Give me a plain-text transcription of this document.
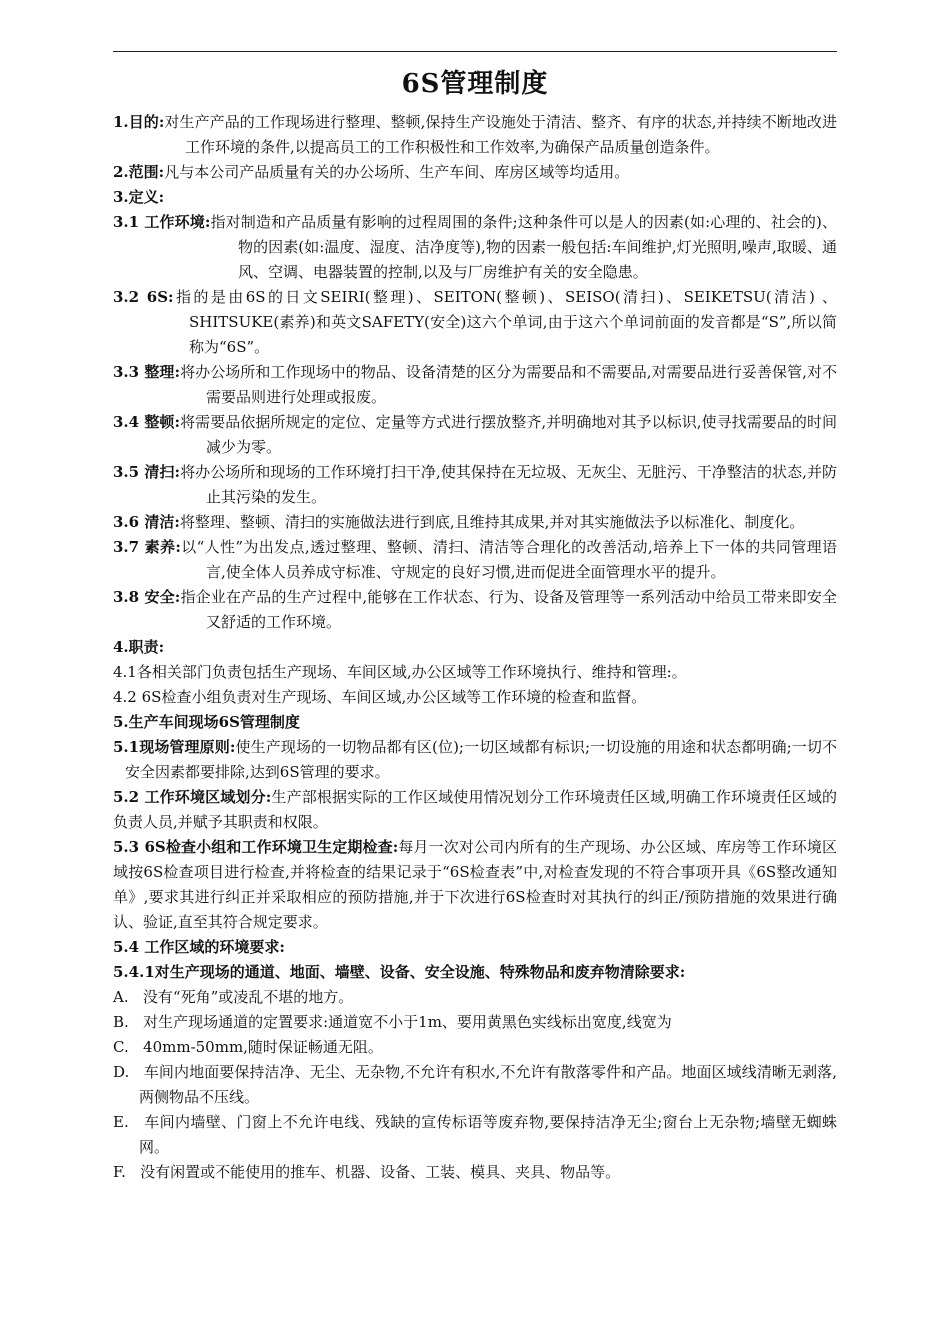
6S管理制度
1.目的:对生产产品的工作现场进行整理、整顿,保持生产设施处于清洁、整齐、有序的状态,并持续不断地改进工作环境的条件,以提高员工的工作积极性和工作效率,为确保产品质量创造条件。
2.范围:凡与本公司产品质量有关的办公场所、生产车间、库房区域等均适用。
3.定义:
3.1 工作环境:指对制造和产品质量有影响的过程周围的条件;这种条件可以是人的因素(如:心理的、社会的)、物的因素(如:温度、湿度、洁净度等),物的因素一般包括:车间维护,灯光照明,噪声,取暖、通风、空调、电器装置的控制,以及与厂房维护有关的安全隐患。
3.2 6S:指的是由6S的日文SEIRI(整理)、SEITON(整顿)、SEISO(清扫)、SEIKETSU(清洁) 、SHITSUKE(素养)和英文SAFETY(安全)这六个单词,由于这六个单词前面的发音都是“S”,所以简称为“6S”。
3.3 整理:将办公场所和工作现场中的物品、设备清楚的区分为需要品和不需要品,对需要品进行妥善保管,对不需要品则进行处理或报废。
3.4 整顿:将需要品依据所规定的定位、定量等方式进行摆放整齐,并明确地对其予以标识,使寻找需要品的时间减少为零。
3.5 清扫:将办公场所和现场的工作环境打扫干净,使其保持在无垃圾、无灰尘、无脏污、干净整洁的状态,并防止其污染的发生。
3.6 清洁:将整理、整顿、清扫的实施做法进行到底,且维持其成果,并对其实施做法予以标准化、制度化。
3.7 素养:以“人性”为出发点,透过整理、整顿、清扫、清洁等合理化的改善活动,培养上下一体的共同管理语言,使全体人员养成守标准、守规定的良好习惯,进而促进全面管理水平的提升。
3.8 安全:指企业在产品的生产过程中,能够在工作状态、行为、设备及管理等一系列活动中给员工带来即安全又舒适的工作环境。
4.职责:
4.1各相关部门负责包括生产现场、车间区域,办公区域等工作环境执行、维持和管理:。
4.2 6S检查小组负责对生产现场、车间区域,办公区域等工作环境的检查和监督。
5.生产车间现场6S管理制度
5.1现场管理原则:使生产现场的一切物品都有区(位);一切区域都有标识;一切设施的用途和状态都明确;一切不安全因素都要排除,达到6S管理的要求。
5.2 工作环境区域划分:生产部根据实际的工作区域使用情况划分工作环境责任区域,明确工作环境责任区域的负责人员,并赋予其职责和权限。
5.3 6S检查小组和工作环境卫生定期检查:每月一次对公司内所有的生产现场、办公区域、库房等工作环境区域按6S检查项目进行检查,并将检查的结果记录于“6S检查表”中,对检查发现的不符合事项开具《6S整改通知单》,要求其进行纠正并采取相应的预防措施,并于下次进行6S检查时对其执行的纠正/预防措施的效果进行确认、验证,直至其符合规定要求。
5.4 工作区域的环境要求:
5.4.1对生产现场的通道、地面、墙壁、设备、安全设施、特殊物品和废弃物清除要求:
A. 没有“死角”或凌乱不堪的地方。
B. 对生产现场通道的定置要求:通道宽不小于1m、要用黄黑色实线标出宽度,线宽为
C. 40mm-50mm,随时保证畅通无阻。
D. 车间内地面要保持洁净、无尘、无杂物,不允许有积水,不允许有散落零件和产品。地面区域线清晰无剥落,两侧物品不压线。
E. 车间内墙壁、门窗上不允许电线、残缺的宣传标语等废弃物,要保持洁净无尘;窗台上无杂物;墙壁无蜘蛛网。
F. 没有闲置或不能使用的推车、机器、设备、工装、模具、夹具、物品等。
